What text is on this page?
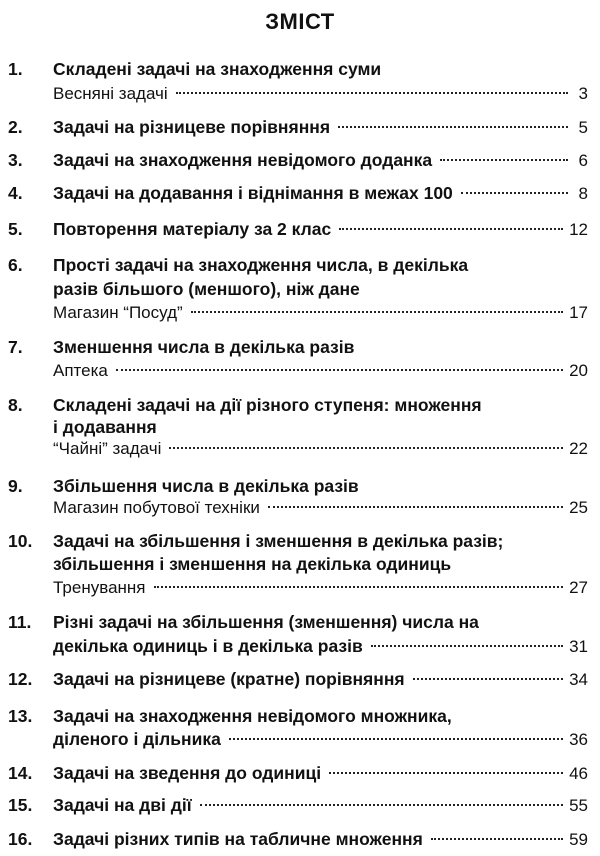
ЗМІСТ
1.	Складені задачі на знаходження суми
Весняні задачі	3
2.	Задачі на різницеве порівняння	5
3.	Задачі на знаходження невідомого доданка	6
4.	Задачі на додавання і віднімання в межах 100	8
5.	Повторення матеріалу за 2 клас	12
6.	Прості задачі на знаходження числа, в декілька
разів більшого (меншого), ніж дане
Магазин “Посуд”	17
7.	Зменшення числа в декілька разів
Аптека	20
8.	Складені задачі на дії різного ступеня: множення
і додавання
“Чайні” задачі	22
9.	Збільшення числа в декілька разів
Магазин побутової техніки	25
10.	Задачі на збільшення і зменшення в декілька разів;
збільшення і зменшення на декілька одиниць
Тренування	27
11.	Різні задачі на збільшення (зменшення) числа на
декілька одиниць і в декілька разів	31
12.	Задачі на різницеве (кратне) порівняння	34
13.	Задачі на знаходження невідомого множника,
діленого і дільника	36
14.	Задачі на зведення до одиниці	46
15.	Задачі на дві дії	55
16.	Задачі різних типів на табличне множення	59
